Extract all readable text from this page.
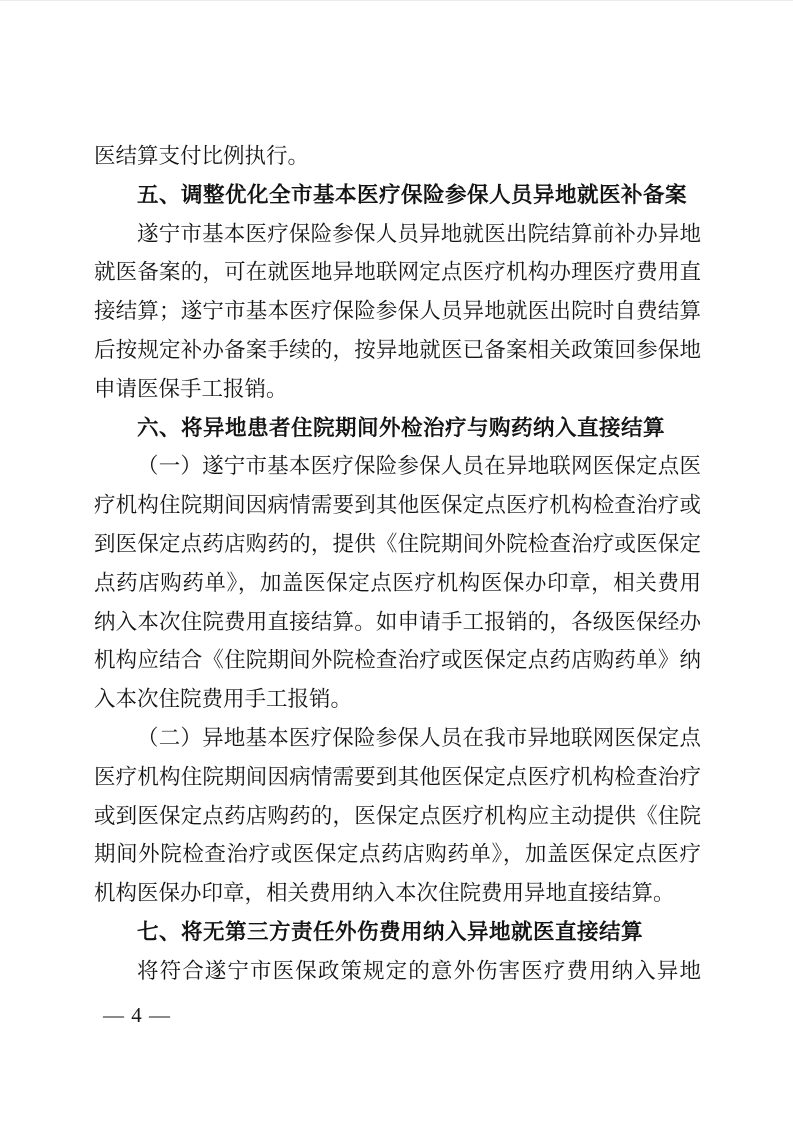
医结算支付比例执行。

五、调整优化全市基本医疗保险参保人员异地就医补备案

遂宁市基本医疗保险参保人员异地就医出院结算前补办异地就医备案的，可在就医地异地联网定点医疗机构办理医疗费用直接结算；遂宁市基本医疗保险参保人员异地就医出院时自费结算后按规定补办备案手续的，按异地就医已备案相关政策回参保地申请医保手工报销。

六、将异地患者住院期间外检治疗与购药纳入直接结算

（一）遂宁市基本医疗保险参保人员在异地联网医保定点医疗机构住院期间因病情需要到其他医保定点医疗机构检查治疗或到医保定点药店购药的，提供《住院期间外院检查治疗或医保定点药店购药单》，加盖医保定点医疗机构医保办印章，相关费用纳入本次住院费用直接结算。如申请手工报销的，各级医保经办机构应结合《住院期间外院检查治疗或医保定点药店购药单》纳入本次住院费用手工报销。

（二）异地基本医疗保险参保人员在我市异地联网医保定点医疗机构住院期间因病情需要到其他医保定点医疗机构检查治疗或到医保定点药店购药的，医保定点医疗机构应主动提供《住院期间外院检查治疗或医保定点药店购药单》，加盖医保定点医疗机构医保办印章，相关费用纳入本次住院费用异地直接结算。

七、将无第三方责任外伤费用纳入异地就医直接结算

将符合遂宁市医保政策规定的意外伤害医疗费用纳入异地

— 4 —
